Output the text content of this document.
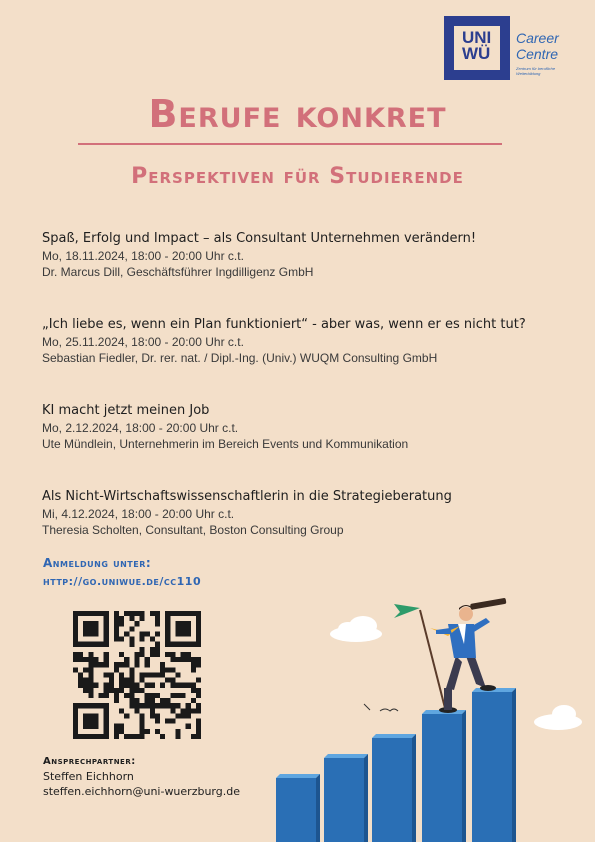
UNI
WÜ
Career
Centre
Zentrum für berufliche Weiterbildung
Berufe konkret
Perspektiven für Studierende
Spaß, Erfolg und Impact – als Consultant Unternehmen verändern!
Mo, 18.11.2024, 18:00 - 20:00 Uhr c.t.
Dr. Marcus Dill, Geschäftsführer Ingdilligenz GmbH
„Ich liebe es, wenn ein Plan funktioniert“ - aber was, wenn er es nicht tut?
Mo, 25.11.2024, 18:00 - 20:00 Uhr c.t.
Sebastian Fiedler, Dr. rer. nat. / Dipl.-Ing. (Univ.) WUQM Consulting GmbH
KI macht jetzt meinen Job
Mo, 2.12.2024, 18:00 - 20:00 Uhr c.t.
Ute Mündlein, Unternehmerin im Bereich Events und Kommunikation
Als Nicht-Wirtschaftswissenschaftlerin in die Strategieberatung
Mi, 4.12.2024, 18:00 - 20:00 Uhr c.t.
Theresia Scholten, Consultant, Boston Consulting Group
Anmeldung unter:
http://go.uniwue.de/cc110
Ansprechpartner:
Steffen Eichhorn
steffen.eichhorn@uni-wuerzburg.de
